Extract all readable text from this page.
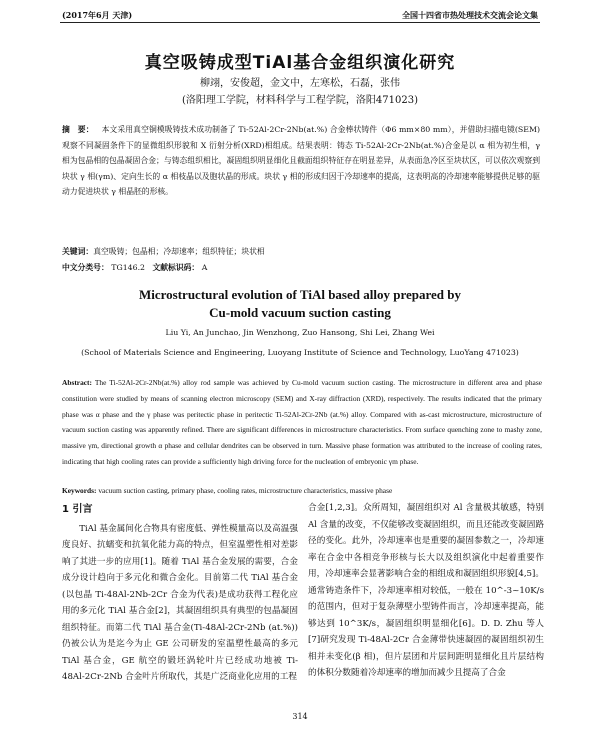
(2017年6月 天津)	全国十四省市热处理技术交流会论文集
真空吸铸成型TiAl基合金组织演化研究
柳翊，安俊超，金文中，左寒松，石磊，张伟
(洛阳理工学院，材料科学与工程学院，洛阳471023)
摘　要： 本文采用真空铜模吸铸技术成功制备了 Ti-52Al-2Cr-2Nb(at.%) 合金棒状铸件（Φ6 mm×80 mm），并借助扫描电镜(SEM)观察不同凝固条件下的显微组织形貌和 X 衍射分析(XRD)相组成。结果表明：铸态 Ti-52Al-2Cr-2Nb(at.%)合金是以 α 相为初生相，γ 相为包晶相的包晶凝固合金；与铸态组织相比，凝固组织明显细化且截面组织特征存在明显差异，从表面急冷区至块状区，可以依次观察到块状 γ 相(γm)、定向生长的 α 相枝晶以及胞状晶的形成。块状 γ 相的形成归因于冷却速率的提高，这表明高的冷却速率能够提供足够的驱动力促进块状 γ 相晶胚的形核。
关键词：真空吸铸；包晶相；冷却速率；组织特征；块状相
中文分类号： TG146.2 文献标识码： A
Microstructural evolution of TiAl based alloy prepared by
Cu-mold vacuum suction casting
Liu Yi, An Junchao, Jin Wenzhong, Zuo Hansong, Shi Lei, Zhang Wei
(School of Materials Science and Engineering, Luoyang Institute of Science and Technology, LuoYang 471023)
Abstract: The Ti-52Al-2Cr-2Nb(at.%) alloy rod sample was achieved by Cu-mold vacuum suction casting. The microstructure in different area and phase constitution were studied by means of scanning electron microscopy (SEM) and X-ray diffraction (XRD), respectively. The results indicated that the primary phase was α phase and the γ phase was peritectic phase in peritectic Ti-52Al-2Cr-2Nb (at.%) alloy. Compared with as-cast microstructure, microstructure of vacuum suction casting was apparently refined. There are significant differences in microstructure characteristics. From surface quenching zone to mashy zone, massive γm, directional growth α phase and cellular dendrites can be observed in turn. Massive phase formation was attributed to the increase of cooling rates, indicating that high cooling rates can provide a sufficiently high driving force for the nucleation of embryonic γm phase.
Keywords: vacuum suction casting, primary phase, cooling rates, microstructure characteristics, massive phase
1 引言

TiAl 基金属间化合物具有密度低、弹性模量高以及高温强度良好、抗蠕变和抗氧化能力高的特点，但室温塑性相对差影响了其进一步的应用[1]。随着 TiAl 基合金发展的需要，合金成分设计趋向于多元化和微合金化。目前第二代 TiAl 基合金(以包晶 Ti-48Al-2Nb-2Cr 合金为代表)是成功获得工程化应用的多元化 TiAl 基合金[2]，其凝固组织具有典型的包晶凝固组织特征。而第二代 TiAl 基合金(Ti-48Al-2Cr-2Nb (at.%))仍被公认为是迄今为止 GE 公司研发的室温塑性最高的多元 TiAl 基合金，GE 航空的锻坯涡轮叶片已经成功地被 Ti-48Al-2Cr-2Nb 合金叶片所取代，其是广泛商业化应用的工程

合金[1,2,3]。众所周知，凝固组织对 Al 含量极其敏感，特别 Al 含量的改变，不仅能够改变凝固组织，而且还能改变凝固路径的变化。此外，冷却速率也是重要的凝固参数之一，冷却速率在合金中各相竞争形核与长大以及组织演化中起着重要作用，冷却速率会显著影响合金的相组成和凝固组织形貌[4,5]。通常铸造条件下，冷却速率相对较低，一般在 10^-3~10K/s 的范围内，但对于复杂薄壁小型铸件而言，冷却速率提高，能够达到 10^3K/s，凝固组织明显细化[6]。D. D. Zhu 等人[7]研究发现 Ti-48Al-2Cr 合金薄带快速凝固的凝固组织初生相并未变化(β 相)，但片层团和片层间距明显细化且片层结构的体积分数随着冷却速率的增加而减少且提高了合金

314
